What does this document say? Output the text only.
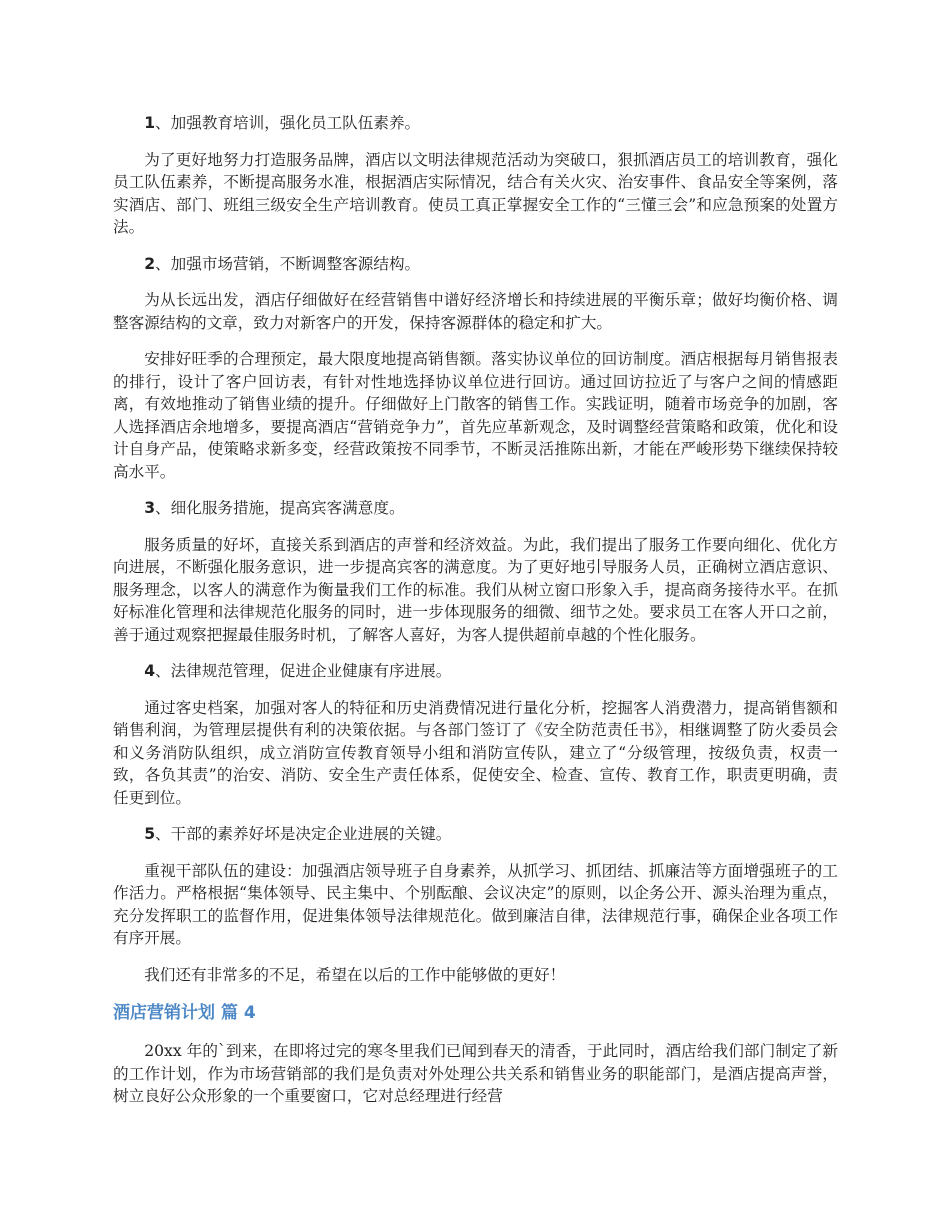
1、加强教育培训，强化员工队伍素养。

为了更好地努力打造服务品牌，酒店以文明法律规范活动为突破口，狠抓酒店员工的培训教育，强化员工队伍素养，不断提高服务水准，根据酒店实际情况，结合有关火灾、治安事件、食品安全等案例，落实酒店、部门、班组三级安全生产培训教育。使员工真正掌握安全工作的“三懂三会”和应急预案的处置方法。

2、加强市场营销，不断调整客源结构。

为从长远出发，酒店仔细做好在经营销售中谱好经济增长和持续进展的平衡乐章；做好均衡价格、调整客源结构的文章，致力对新客户的开发，保持客源群体的稳定和扩大。

安排好旺季的合理预定，最大限度地提高销售额。落实协议单位的回访制度。酒店根据每月销售报表的排行，设计了客户回访表，有针对性地选择协议单位进行回访。通过回访拉近了与客户之间的情感距离，有效地推动了销售业绩的提升。仔细做好上门散客的销售工作。实践证明，随着市场竞争的加剧，客人选择酒店余地增多，要提高酒店“营销竞争力”，首先应革新观念，及时调整经营策略和政策，优化和设计自身产品，使策略求新多变，经营政策按不同季节，不断灵活推陈出新，才能在严峻形势下继续保持较高水平。

3、细化服务措施，提高宾客满意度。

服务质量的好坏，直接关系到酒店的声誉和经济效益。为此，我们提出了服务工作要向细化、优化方向进展，不断强化服务意识，进一步提高宾客的满意度。为了更好地引导服务人员，正确树立酒店意识、服务理念，以客人的满意作为衡量我们工作的标准。我们从树立窗口形象入手，提高商务接待水平。在抓好标准化管理和法律规范化服务的同时，进一步体现服务的细微、细节之处。要求员工在客人开口之前，善于通过观察把握最佳服务时机，了解客人喜好，为客人提供超前卓越的个性化服务。

4、法律规范管理，促进企业健康有序进展。

通过客史档案，加强对客人的特征和历史消费情况进行量化分析，挖掘客人消费潜力，提高销售额和销售利润，为管理层提供有利的决策依据。与各部门签订了《安全防范责任书》，相继调整了防火委员会和义务消防队组织，成立消防宣传教育领导小组和消防宣传队，建立了“分级管理，按级负责，权责一致，各负其责”的治安、消防、安全生产责任体系，促使安全、检查、宣传、教育工作，职责更明确，责任更到位。

5、干部的素养好坏是决定企业进展的关键。

重视干部队伍的建设：加强酒店领导班子自身素养，从抓学习、抓团结、抓廉洁等方面增强班子的工作活力。严格根据“集体领导、民主集中、个别酝酿、会议决定”的原则，以企务公开、源头治理为重点，充分发挥职工的监督作用，促进集体领导法律规范化。做到廉洁自律，法律规范行事，确保企业各项工作有序开展。

我们还有非常多的不足，希望在以后的工作中能够做的更好！

酒店营销计划 篇 4

20xx 年的`到来，在即将过完的寒冬里我们已闻到春天的清香，于此同时，酒店给我们部门制定了新的工作计划，作为市场营销部的我们是负责对外处理公共关系和销售业务的职能部门，是酒店提高声誉，树立良好公众形象的一个重要窗口，它对总经理进行经营
